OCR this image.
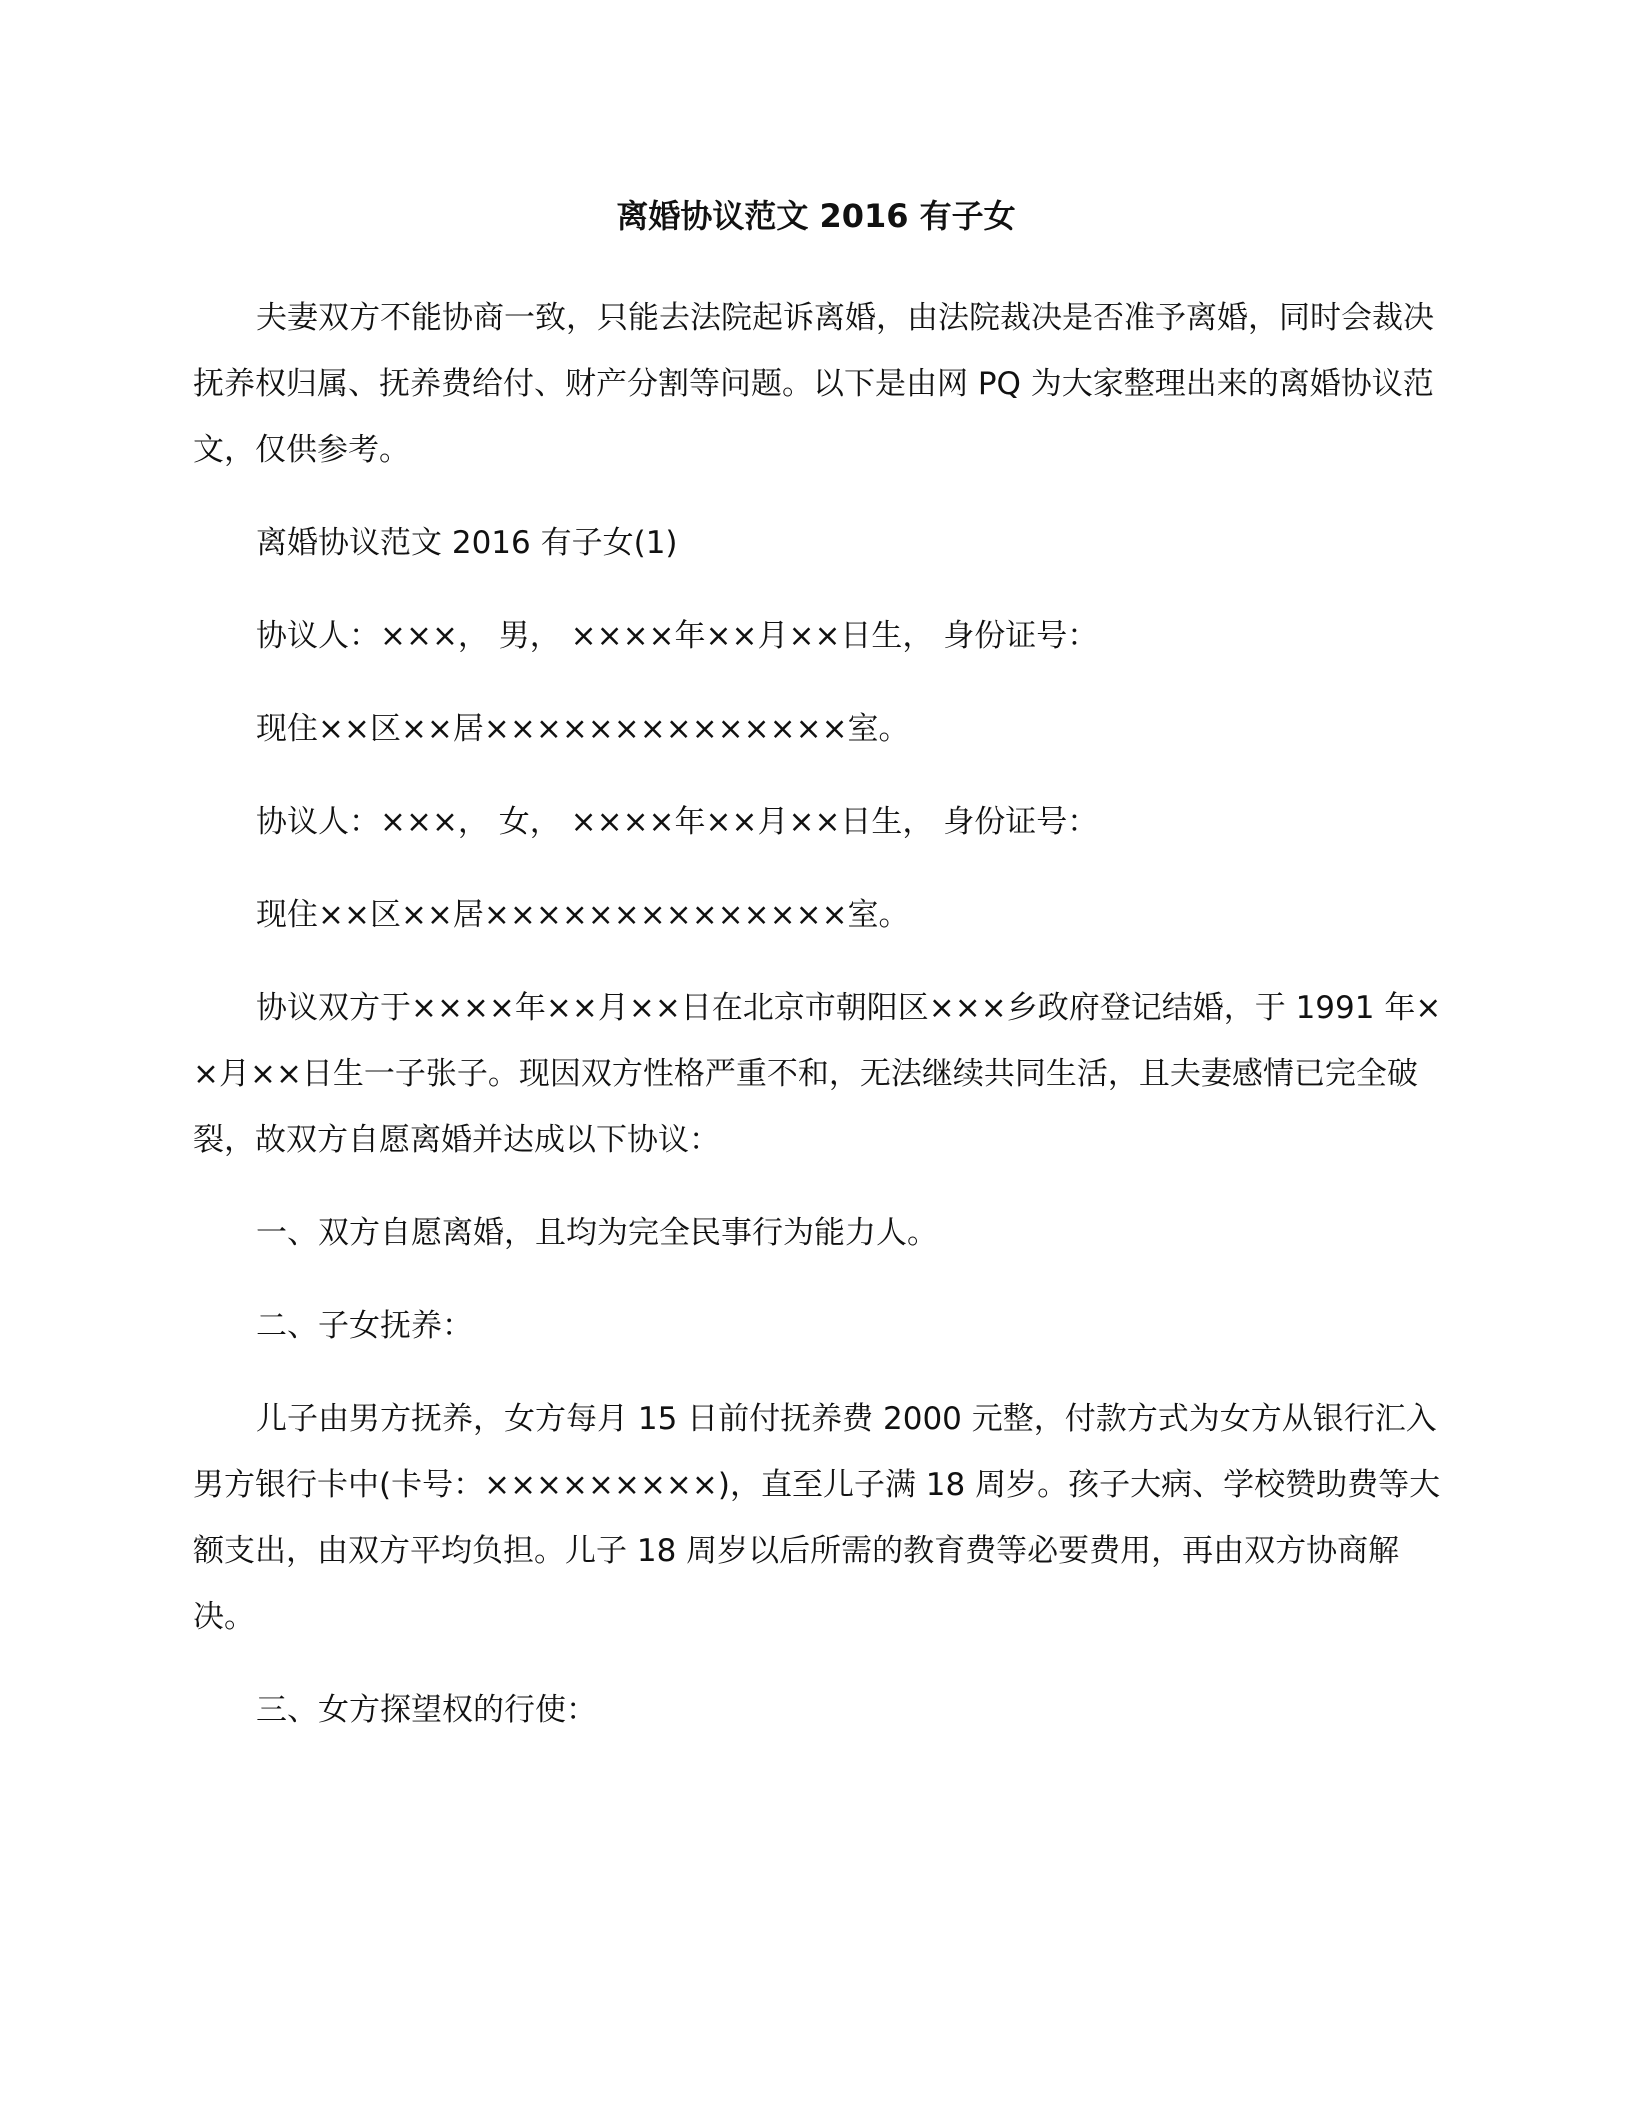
离婚协议范文 2016 有子女

夫妻双方不能协商一致，只能去法院起诉离婚，由法院裁决是否准予离婚，同时会裁决抚养权归属、抚养费给付、财产分割等问题。以下是由网 PQ 为大家整理出来的离婚协议范文，仅供参考。

离婚协议范文 2016 有子女(1)

协议人：×××， 男， ××××年××月××日生， 身份证号：

现住××区××居××××××××××××××室。

协议人：×××， 女， ××××年××月××日生， 身份证号：

现住××区××居××××××××××××××室。

协议双方于××××年××月××日在北京市朝阳区×××乡政府登记结婚，于 1991 年××月××日生一子张子。现因双方性格严重不和，无法继续共同生活，且夫妻感情已完全破裂，故双方自愿离婚并达成以下协议：

一、双方自愿离婚，且均为完全民事行为能力人。

二、子女抚养：

儿子由男方抚养，女方每月 15 日前付抚养费 2000 元整，付款方式为女方从银行汇入男方银行卡中(卡号：×××××××××)，直至儿子满 18 周岁。孩子大病、学校赞助费等大额支出，由双方平均负担。儿子 18 周岁以后所需的教育费等必要费用，再由双方协商解决。

三、女方探望权的行使：
